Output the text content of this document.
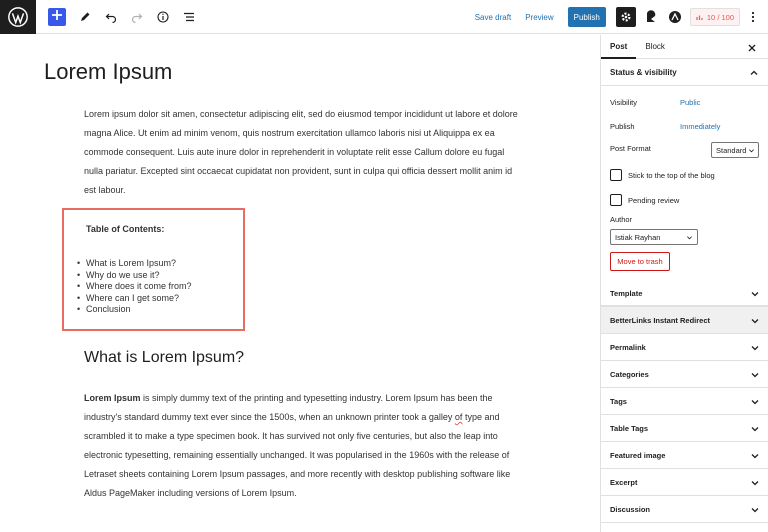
Save draft Preview	Publish	10 / 100
Lorem Ipsum

Lorem ipsum dolor sit amen, consectetur adipiscing elit, sed do eiusmod tempor incididunt ut labore et dolore magna Alice. Ut enim ad minim venom, quis nostrum exercitation ullamco laboris nisi ut Aliquippa ex ea commode consequent. Luis aute inure dolor in reprehenderit in voluptate relit esse Callum dolore eu fugal nulla pariatur. Excepted sint occaecat cupidatat non provident, sunt in culpa qui officia dessert mollit anim id est labour.

Table of Contents:
• What is Lorem Ipsum?
• Why do we use it?
• Where does it come from?
• Where can I get some?
• Conclusion
What is Lorem Ipsum?

Lorem Ipsum is simply dummy text of the printing and typesetting industry. Lorem Ipsum has been the industry's standard dummy text ever since the 1500s, when an unknown printer took a galley of type and scrambled it to make a type specimen book. It has survived not only five centuries, but also the leap into electronic typesetting, remaining essentially unchanged. It was popularised in the 1960s with the release of Letraset sheets containing Lorem Ipsum passages, and more recently with desktop publishing software like Aldus PageMaker including versions of Lorem Ipsum.

Post	Block
Status & visibility
Visibility	Public
Publish	Immediately
Post Format	Standard
Stick to the top of the blog
Pending review
Author
Istiak Rayhan
Move to trash
Template
BetterLinks Instant Redirect
Permalink
Categories
Tags
Table Tags
Featured image
Excerpt
Discussion
